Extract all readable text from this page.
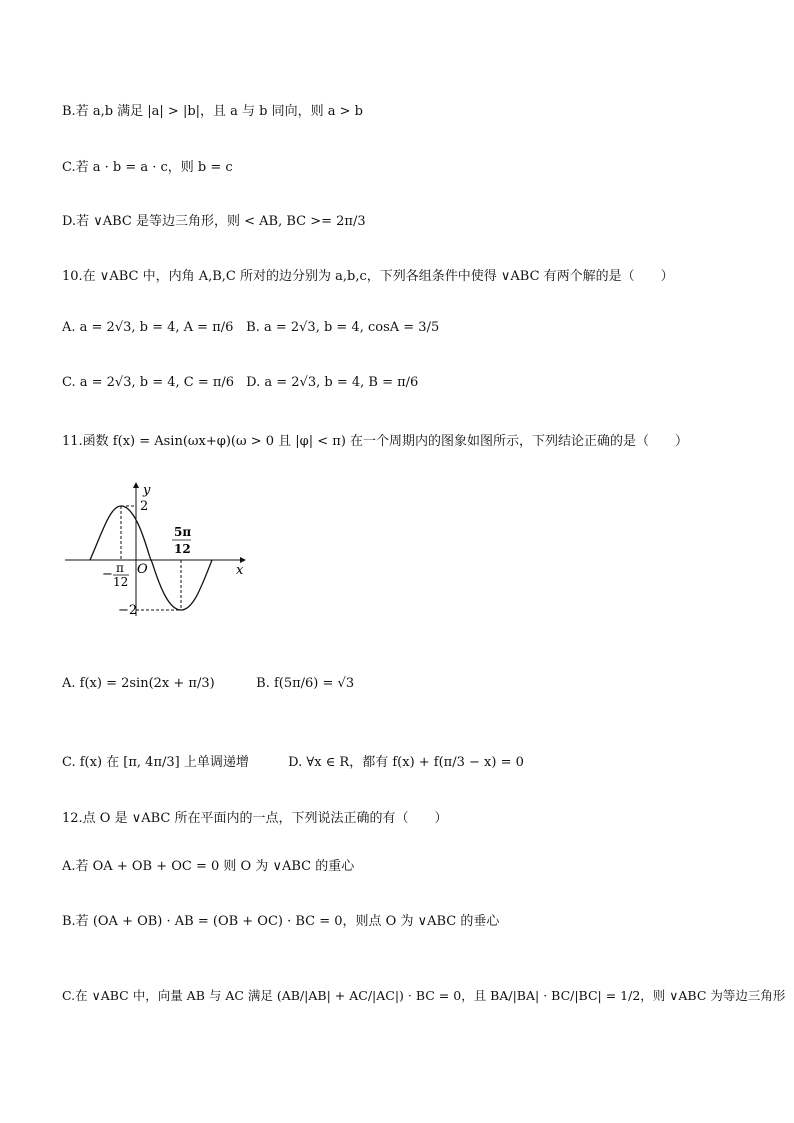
B.若 a,b 满足 |a| > |b|，且 a 与 b 同向，则 a > b
C.若 a · b = a · c，则 b = c
D.若 ∨ABC 是等边三角形，则 < AB, BC >= 2π/3
10.在 ∨ABC 中，内角 A,B,C 所对的边分别为 a,b,c，下列各组条件中使得 ∨ABC 有两个解的是（　　）
A. a = 2√3, b = 4, A = π/6 B. a = 2√3, b = 4, cosA = 3/5
C. a = 2√3, b = 4, C = π/6 D. a = 2√3, b = 4, B = π/6
11.函数 f(x) = Asin(ωx+φ)(ω > 0 且 |φ| < π) 在一个周期内的图象如图所示，下列结论正确的是（　　）
y
x
O
2
−2
− π
12
5π
12
A. f(x) = 2sin(2x + π/3)	B. f(5π/6) = √3
C. f(x) 在 [π, 4π/3] 上单调递增	D. ∀x ∈ R，都有 f(x) + f(π/3 − x) = 0
12.点 O 是 ∨ABC 所在平面内的一点，下列说法正确的有（　　）
A.若 OA + OB + OC = 0 则 O 为 ∨ABC 的重心
B.若 (OA + OB) · AB = (OB + OC) · BC = 0，则点 O 为 ∨ABC 的垂心
C.在 ∨ABC 中，向量 AB 与 AC 满足 (AB/|AB| + AC/|AC|) · BC = 0，且 BA/|BA| · BC/|BC| = 1/2，则 ∨ABC 为等边三角形
